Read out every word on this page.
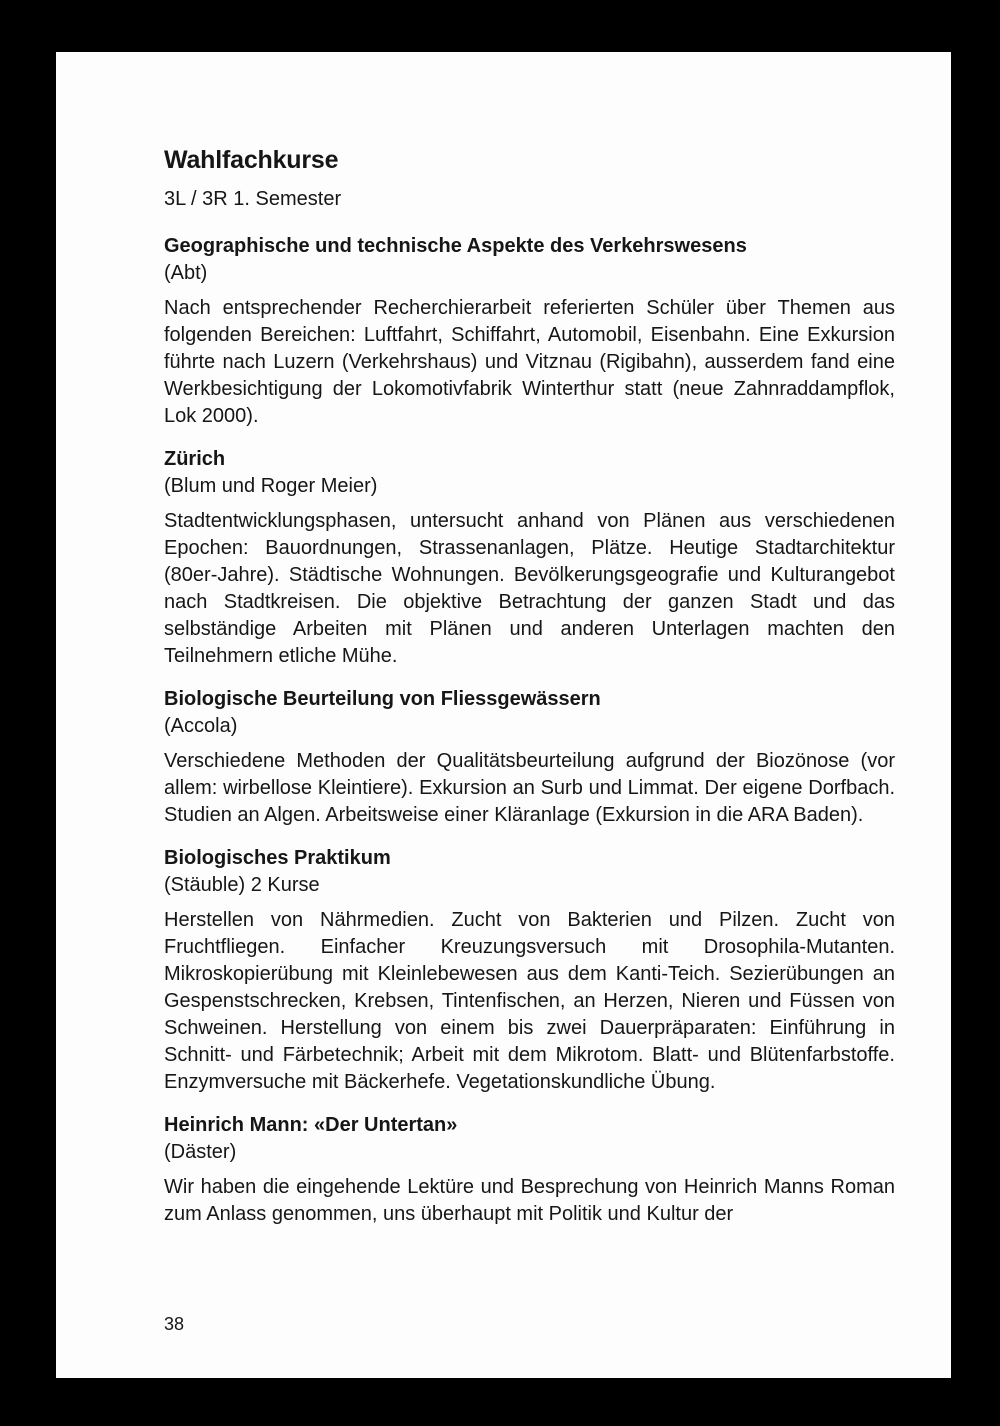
Wahlfachkurse
3L / 3R 1. Semester
Geographische und technische Aspekte des Verkehrswesens
(Abt)

Nach entsprechender Recherchierarbeit referierten Schüler über Themen aus folgenden Bereichen: Luftfahrt, Schiffahrt, Automobil, Eisenbahn. Eine Exkursion führte nach Luzern (Verkehrshaus) und Vitznau (Rigibahn), ausserdem fand eine Werkbesichtigung der Lokomotivfabrik Winterthur statt (neue Zahnraddampflok, Lok 2000).

Zürich
(Blum und Roger Meier)

Stadtentwicklungsphasen, untersucht anhand von Plänen aus verschiedenen Epochen: Bauordnungen, Strassenanlagen, Plätze. Heutige Stadtarchitektur (80er-Jahre). Städtische Wohnungen. Bevölkerungsgeografie und Kulturangebot nach Stadtkreisen. Die objektive Betrachtung der ganzen Stadt und das selbständige Arbeiten mit Plänen und anderen Unterlagen machten den Teilnehmern etliche Mühe.

Biologische Beurteilung von Fliessgewässern
(Accola)

Verschiedene Methoden der Qualitätsbeurteilung aufgrund der Biozönose (vor allem: wirbellose Kleintiere). Exkursion an Surb und Limmat. Der eigene Dorfbach. Studien an Algen. Arbeitsweise einer Kläranlage (Exkursion in die ARA Baden).

Biologisches Praktikum
(Stäuble) 2 Kurse

Herstellen von Nährmedien. Zucht von Bakterien und Pilzen. Zucht von Fruchtfliegen. Einfacher Kreuzungsversuch mit Drosophila-Mutanten. Mikroskopierübung mit Kleinlebewesen aus dem Kanti-Teich. Sezierübungen an Gespenstschrecken, Krebsen, Tintenfischen, an Herzen, Nieren und Füssen von Schweinen. Herstellung von einem bis zwei Dauerpräparaten: Einführung in Schnitt- und Färbetechnik; Arbeit mit dem Mikrotom. Blatt- und Blütenfarbstoffe. Enzymversuche mit Bäckerhefe. Vegetationskundliche Übung.

Heinrich Mann: «Der Untertan»
(Däster)

Wir haben die eingehende Lektüre und Besprechung von Heinrich Manns Roman zum Anlass genommen, uns überhaupt mit Politik und Kultur der

38
